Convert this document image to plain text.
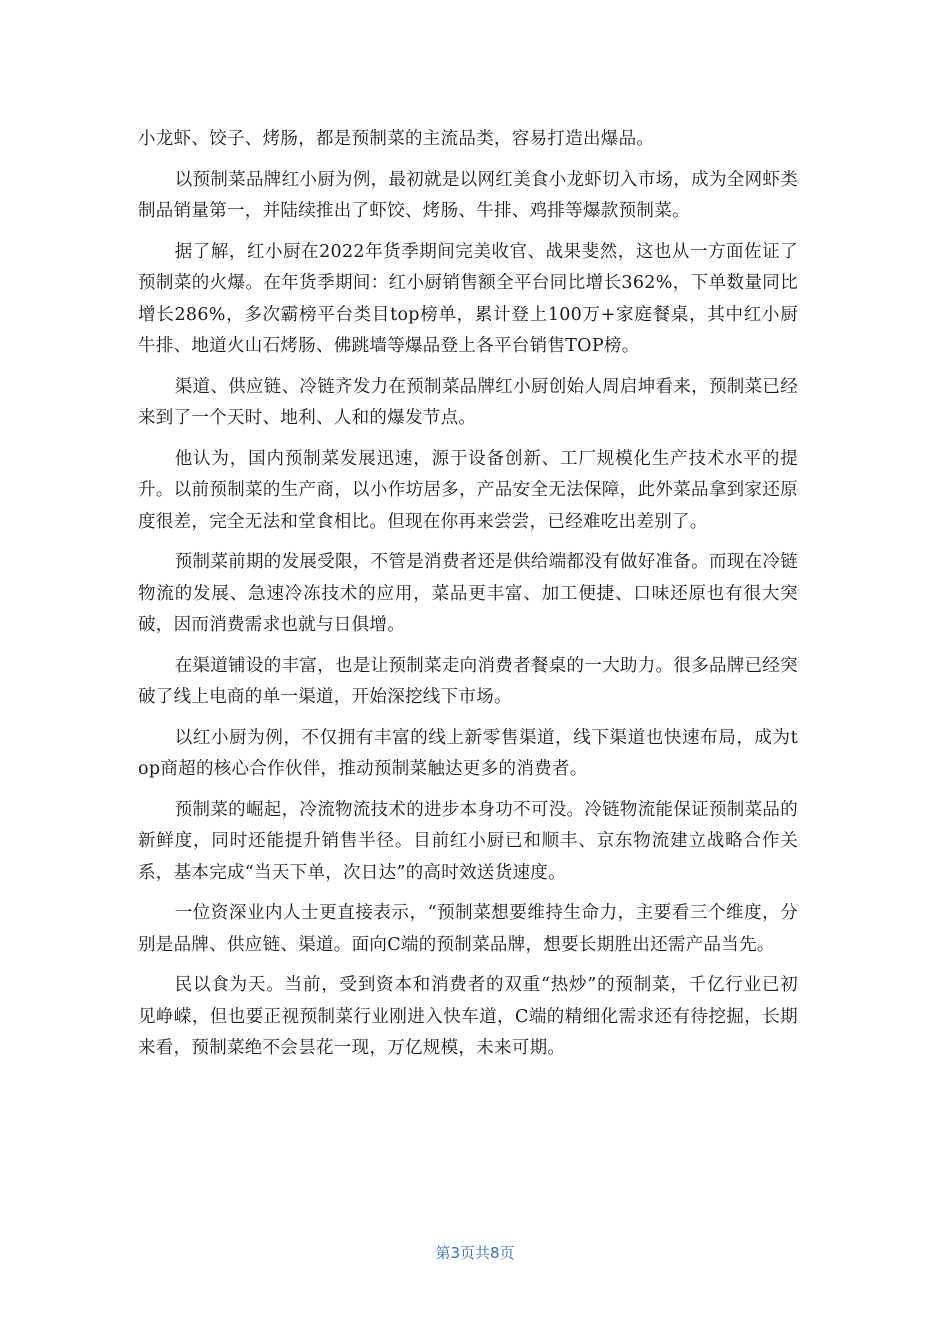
小龙虾、饺子、烤肠，都是预制菜的主流品类，容易打造出爆品。

以预制菜品牌红小厨为例，最初就是以网红美食小龙虾切入市场，成为全网虾类制品销量第一，并陆续推出了虾饺、烤肠、牛排、鸡排等爆款预制菜。

据了解，红小厨在2022年货季期间完美收官、战果斐然，这也从一方面佐证了预制菜的火爆。在年货季期间：红小厨销售额全平台同比增长362%，下单数量同比增长286%，多次霸榜平台类目top榜单，累计登上100万+家庭餐桌，其中红小厨牛排、地道火山石烤肠、佛跳墙等爆品登上各平台销售TOP榜。

渠道、供应链、冷链齐发力在预制菜品牌红小厨创始人周启坤看来，预制菜已经来到了一个天时、地利、人和的爆发节点。

他认为，国内预制菜发展迅速，源于设备创新、工厂规模化生产技术水平的提升。以前预制菜的生产商，以小作坊居多，产品安全无法保障，此外菜品拿到家还原度很差，完全无法和堂食相比。但现在你再来尝尝，已经难吃出差别了。

预制菜前期的发展受限，不管是消费者还是供给端都没有做好准备。而现在冷链物流的发展、急速冷冻技术的应用，菜品更丰富、加工便捷、口味还原也有很大突破，因而消费需求也就与日俱增。

在渠道铺设的丰富，也是让预制菜走向消费者餐桌的一大助力。很多品牌已经突破了线上电商的单一渠道，开始深挖线下市场。

以红小厨为例，不仅拥有丰富的线上新零售渠道，线下渠道也快速布局，成为top商超的核心合作伙伴，推动预制菜触达更多的消费者。

预制菜的崛起，冷流物流技术的进步本身功不可没。冷链物流能保证预制菜品的新鲜度，同时还能提升销售半径。目前红小厨已和顺丰、京东物流建立战略合作关系，基本完成“当天下单，次日达”的高时效送货速度。

一位资深业内人士更直接表示，“预制菜想要维持生命力，主要看三个维度，分别是品牌、供应链、渠道。面向C端的预制菜品牌，想要长期胜出还需产品当先。

民以食为天。当前，受到资本和消费者的双重“热炒”的预制菜，千亿行业已初见峥嵘，但也要正视预制菜行业刚进入快车道，C端的精细化需求还有待挖掘，长期来看，预制菜绝不会昙花一现，万亿规模，未来可期。

第3页共8页
